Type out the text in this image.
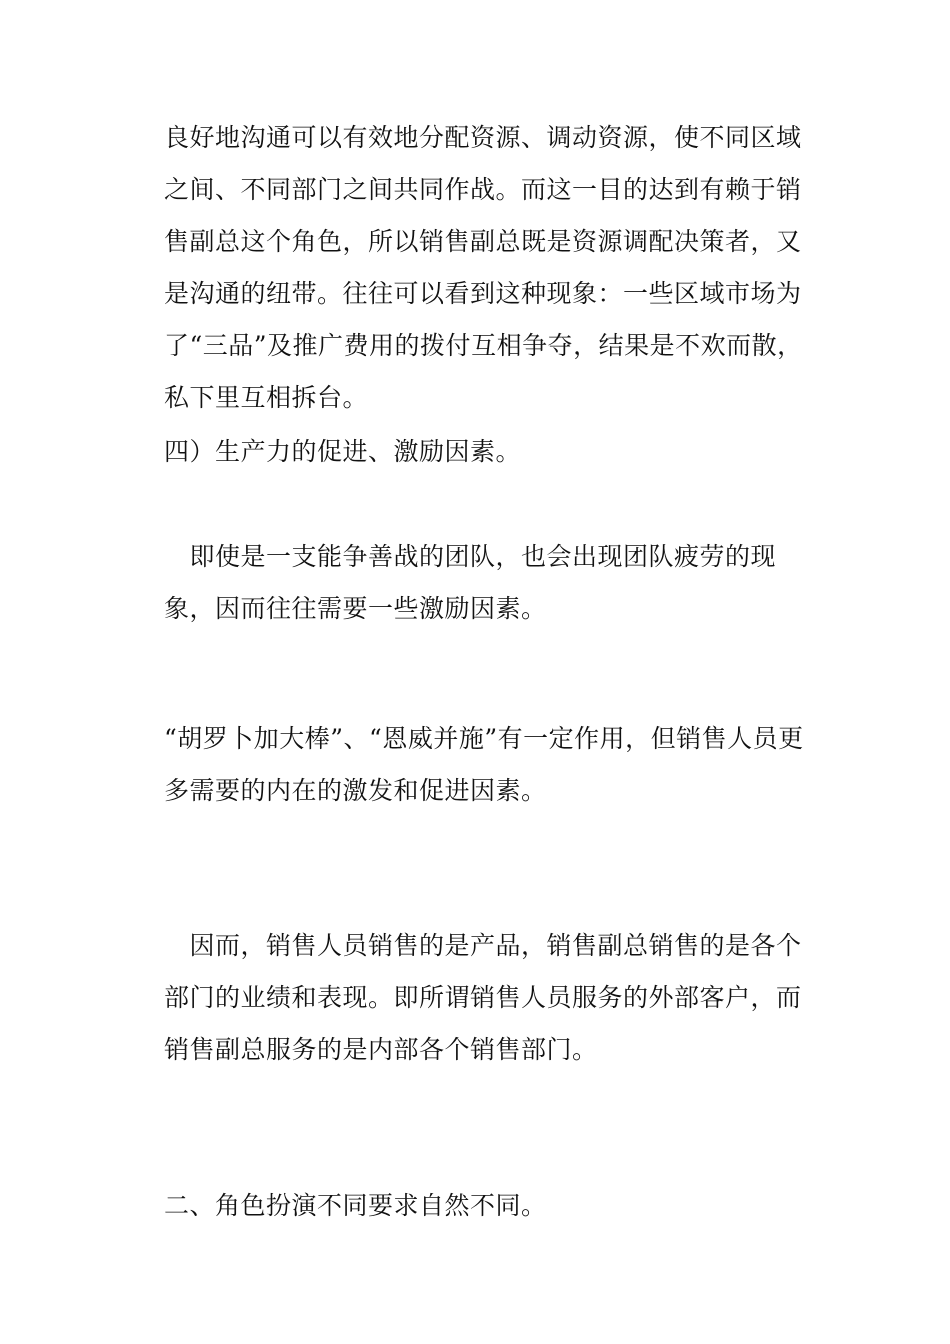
良好地沟通可以有效地分配资源、调动资源，使不同区域之间、不同部门之间共同作战。而这一目的达到有赖于销售副总这个角色，所以销售副总既是资源调配决策者，又是沟通的纽带。往往可以看到这种现象：一些区域市场为了“三品”及推广费用的拨付互相争夺，结果是不欢而散，私下里互相拆台。

四）生产力的促进、激励因素。

　即使是一支能争善战的团队，也会出现团队疲劳的现象，因而往往需要一些激励因素。

“胡罗卜加大棒”、“恩威并施”有一定作用，但销售人员更多需要的内在的激发和促进因素。

　因而，销售人员销售的是产品，销售副总销售的是各个部门的业绩和表现。即所谓销售人员服务的外部客户，而销售副总服务的是内部各个销售部门。

二、角色扮演不同要求自然不同。
